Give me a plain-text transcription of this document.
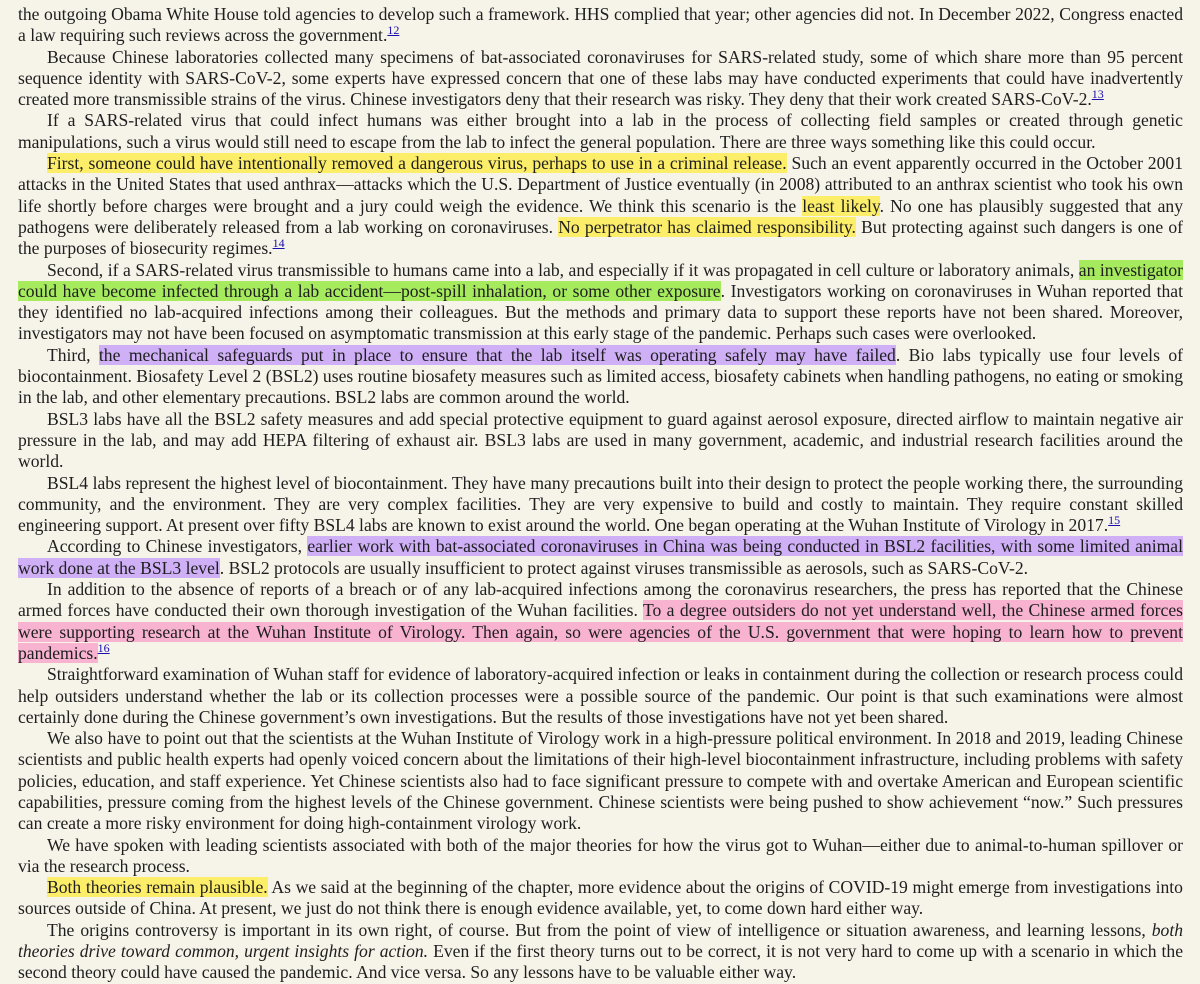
the outgoing Obama White House told agencies to develop such a framework. HHS complied that year; other agencies did not. In December 2022, Congress enacted a law requiring such reviews across the government.$^{12}$

Because Chinese laboratories collected many specimens of bat-associated coronaviruses for SARS-related study, some of which share more than 95 percent sequence identity with SARS-CoV-2, some experts have expressed concern that one of these labs may have conducted experiments that could have inadvertently created more transmissible strains of the virus. Chinese investigators deny that their research was risky. They deny that their work created SARS-CoV-2.13

If a SARS-related virus that could infect humans was either brought into a lab in the process of collecting field samples or created through genetic manipulations, such a virus would still need to escape from the lab to infect the general population. There are three ways something like this could occur.

First, someone could have intentionally removed a dangerous virus, perhaps to use in a criminal release. Such an event apparently occurred in the October 2001 attacks in the United States that used anthrax—attacks which the U.S. Department of Justice eventually (in 2008) attributed to an anthrax scientist who took his own life shortly before charges were brought and a jury could weigh the evidence. We think this scenario is the least likely. No one has plausibly suggested that any pathogens were deliberately released from a lab working on coronaviruses. No perpetrator has claimed responsibility. But protecting against such dangers is one of the purposes of biosecurity regimes.$^{14}$

Second, if a SARS-related virus transmissible to humans came into a lab, and especially if it was propagated in cell culture or laboratory animals, an investigator could have become infected through a lab accident—post-spill inhalation, or some other exposure. Investigators working on coronaviruses in Wuhan reported that they identified no lab-acquired infections among their colleagues. But the methods and primary data to support these reports have not been shared. Moreover, investigators may not have been focused on asymptomatic transmission at this early stage of the pandemic. Perhaps such cases were overlooked.

Third, the mechanical safeguards put in place to ensure that the lab itself was operating safely may have failed. Bio labs typically use four levels of biocontainment. Biosafety Level 2 (BSL2) uses routine biosafety measures such as limited access, biosafety cabinets when handling pathogens, no eating or smoking in the lab, and other elementary precautions. BSL2 labs are common around the world.

BSL3 labs have all the BSL2 safety measures and add special protective equipment to guard against aerosol exposure, directed airflow to maintain negative air pressure in the lab, and may add HEPA filtering of exhaust air. BSL3 labs are used in many government, academic, and industrial research facilities around the world.

BSL4 labs represent the highest level of biocontainment. They have many precautions built into their design to protect the people working there, the surrounding community, and the environment. They are very complex facilities. They are very expensive to build and costly to maintain. They require constant skilled engineering support. At present over fifty BSL4 labs are known to exist around the world. One began operating at the Wuhan Institute of Virology in 2017.15

According to Chinese investigators, earlier work with bat-associated coronaviruses in China was being conducted in BSL2 facilities, with some limited animal work done at the BSL3 level. BSL2 protocols are usually insufficient to protect against viruses transmissible as aerosols, such as SARS-CoV-2.

In addition to the absence of reports of a breach or of any lab-acquired infections among the coronavirus researchers, the press has reported that the Chinese armed forces have conducted their own thorough investigation of the Wuhan facilities. To a degree outsiders do not yet understand well, the Chinese armed forces were supporting research at the Wuhan Institute of Virology. Then again, so were agencies of the U.S. government that were hoping to learn how to prevent pandemics.$^{16}$

Straightforward examination of Wuhan staff for evidence of laboratory-acquired infection or leaks in containment during the collection or research process could help outsiders understand whether the lab or its collection processes were a possible source of the pandemic. Our point is that such examinations were almost certainly done during the Chinese government’s own investigations. But the results of those investigations have not yet been shared.

We also have to point out that the scientists at the Wuhan Institute of Virology work in a high-pressure political environment. In 2018 and 2019, leading Chinese scientists and public health experts had openly voiced concern about the limitations of their high-level biocontainment infrastructure, including problems with safety policies, education, and staff experience. Yet Chinese scientists also had to face significant pressure to compete with and overtake American and European scientific capabilities, pressure coming from the highest levels of the Chinese government. Chinese scientists were being pushed to show achievement “now.” Such pressures can create a more risky environment for doing high-containment virology work.

We have spoken with leading scientists associated with both of the major theories for how the virus got to Wuhan—either due to animal-to-human spillover or via the research process.

Both theories remain plausible. As we said at the beginning of the chapter, more evidence about the origins of COVID-19 might emerge from investigations into sources outside of China. At present, we just do not think there is enough evidence available, yet, to come down hard either way.

The origins controversy is important in its own right, of course. But from the point of view of intelligence or situation awareness, and learning lessons, both theories drive toward common, urgent insights for action. Even if the first theory turns out to be correct, it is not very hard to come up with a scenario in which the second theory could have caused the pandemic. And vice versa. So any lessons have to be valuable either way.
